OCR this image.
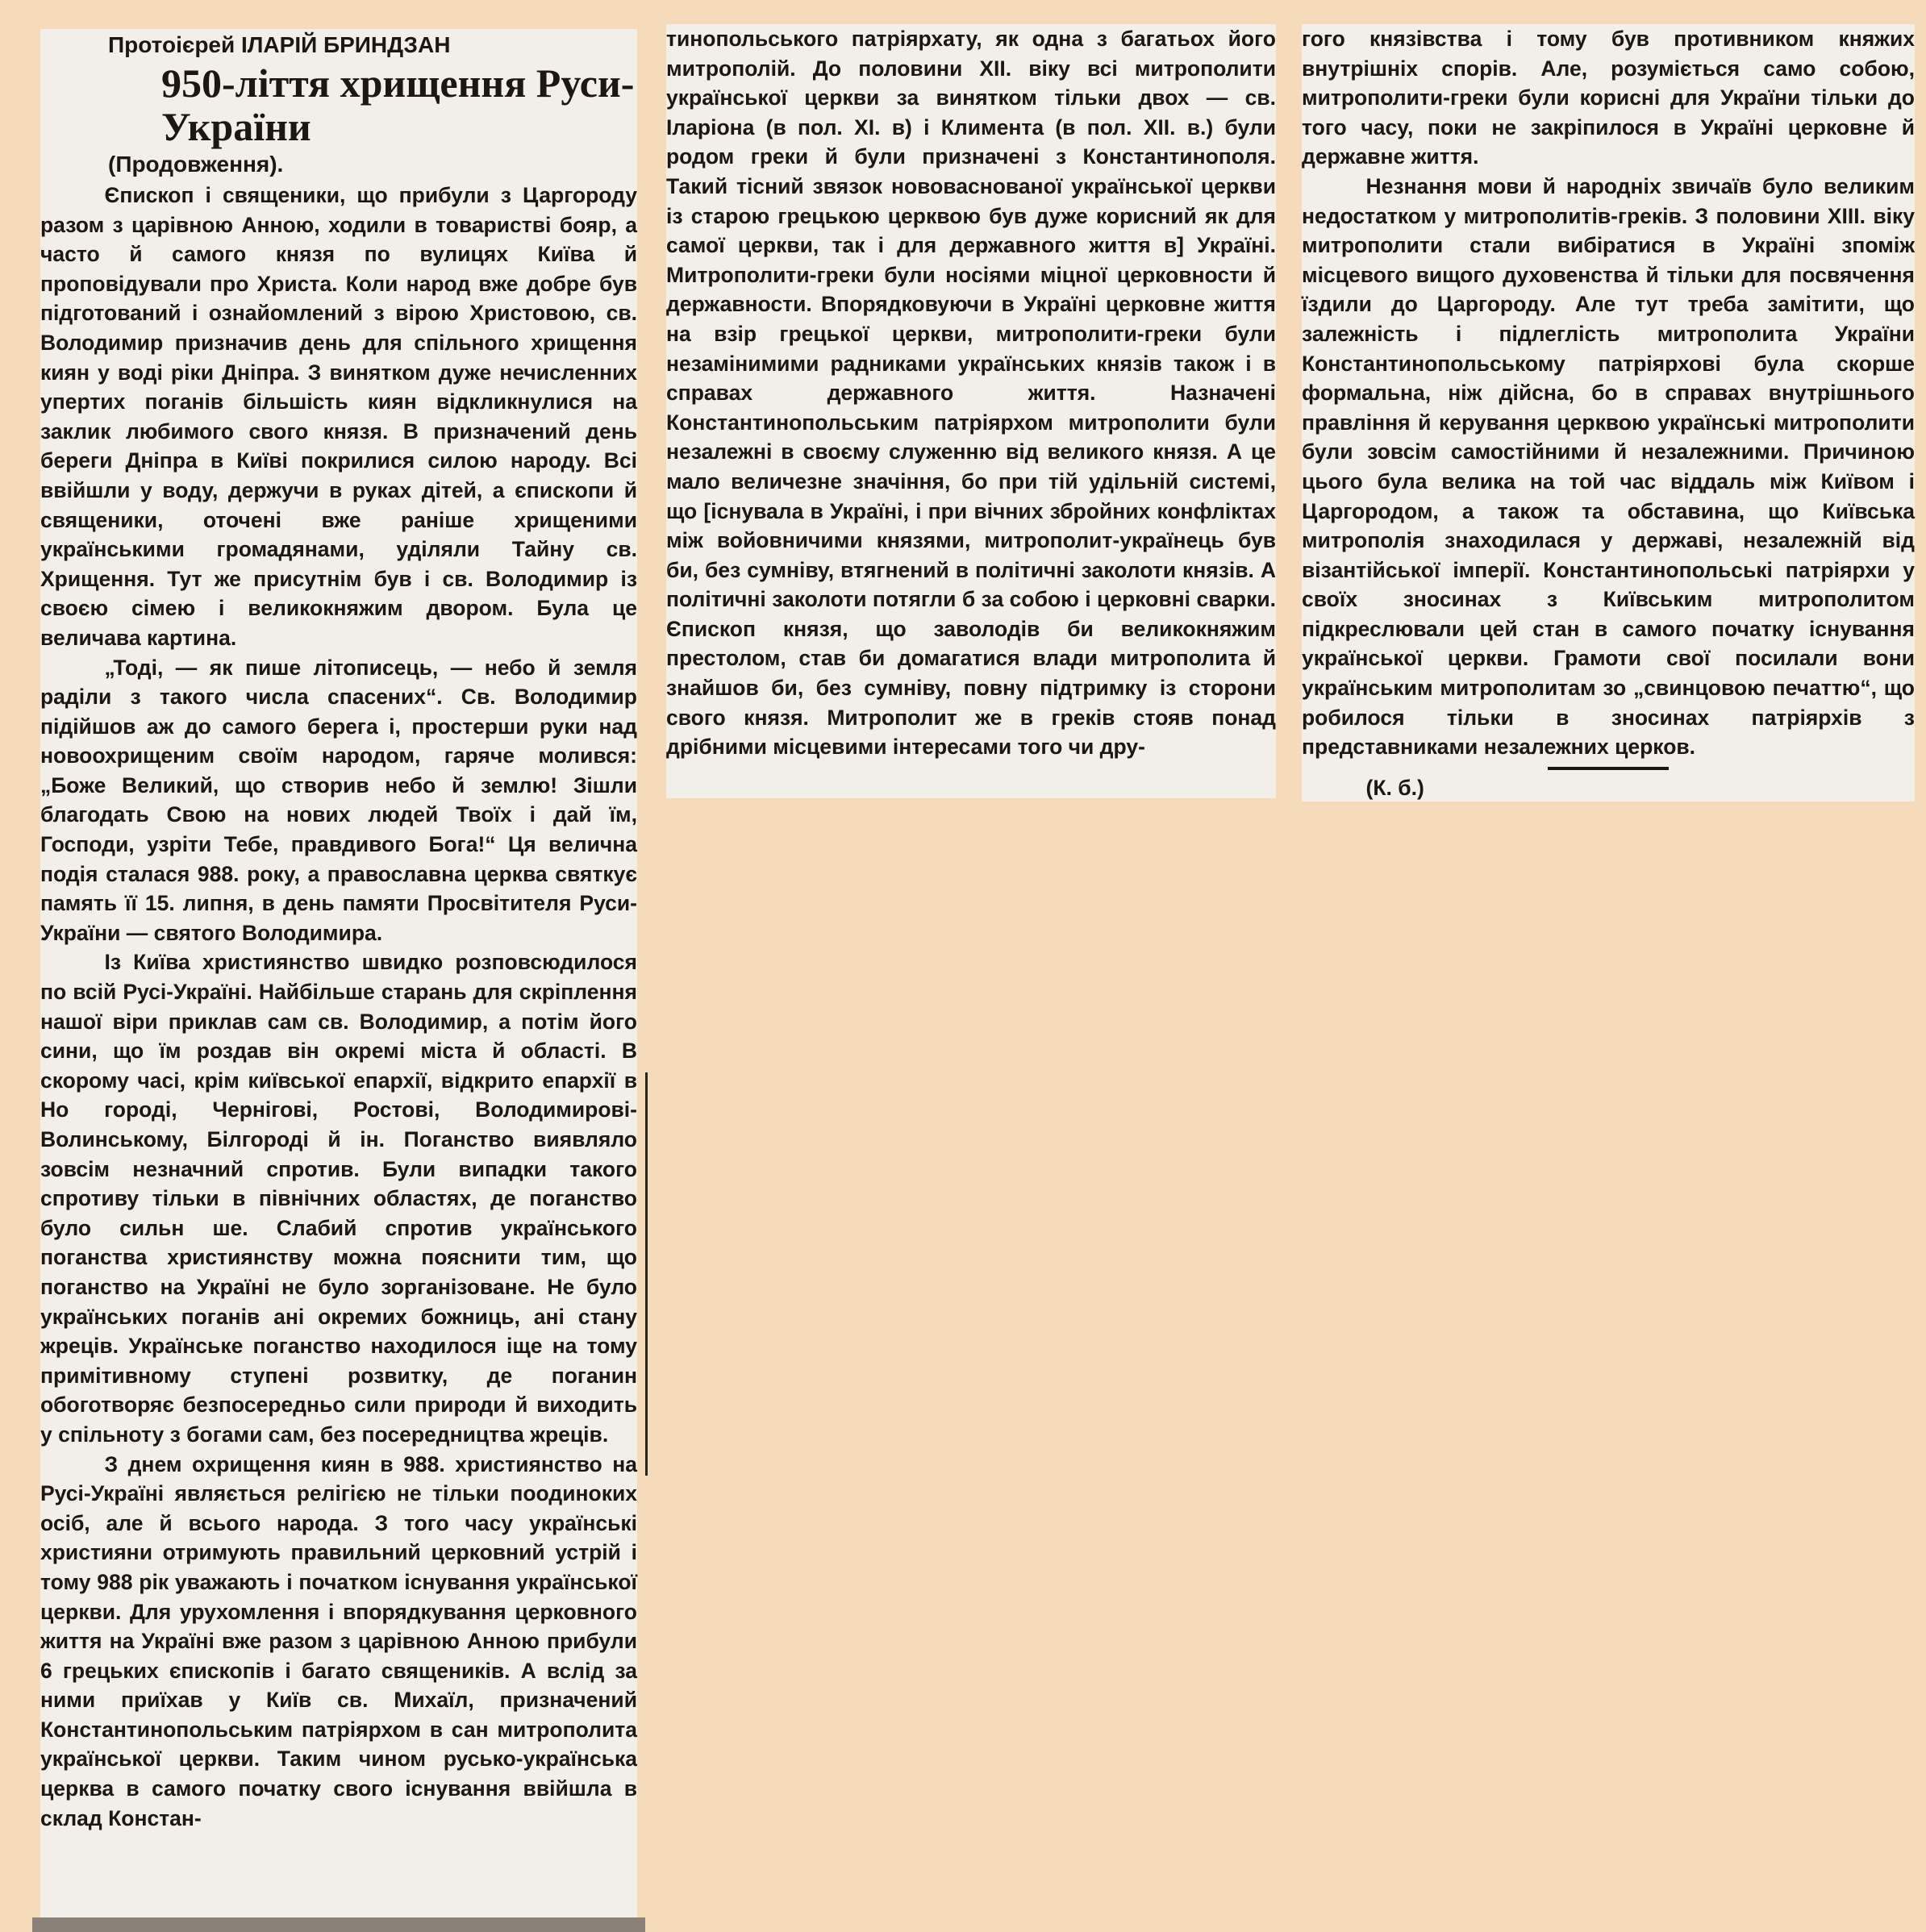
Протоієрей ІЛАРІЙ БРИНДЗАН

950-ліття хрищення Руси-

України

(Продовження).

Єпископ і священики, що прибули з Царгороду разом з царівною Анною, ходили в товаристві бояр, а часто й самого князя по вулицях Київа й проповідували про Христа. Коли народ вже добре був підготований і ознайомлений з вірою Христовою, св. Володимир призначив день для спільного хрищення киян у воді ріки Дніпра. З винятком дуже нечисленних упертих поганів більшість киян відкликнулися на заклик любимого свого князя. В призначений день береги Дніпра в Київі покрилися силою народу. Всі ввійшли у воду, держучи в руках дітей, а єпископи й священики, оточені вже раніше хрищеними українськими громадянами, уділяли Тайну св. Хрищення. Тут же присутнім був і св. Володимир із своєю сімею і великокняжим двором. Була це величава картина.

„Тоді, — як пише літописець, — небо й земля раділи з такого числа спасених“. Св. Володимир підійшов аж до самого берега і, простерши руки над новоохрищеним своїм народом, гаряче молився: „Боже Великий, що створив небо й землю! Зішли благодать Свою на нових людей Твоїх і дай їм, Господи, узріти Тебе, правдивого Бога!“ Ця велична подія сталася 988. року, а православна церква святкує память її 15. липня, в день памяти Просвітителя Руси-України — святого Володимира.

Із Київа християнство швидко розповсюдилося по всій Русі-Україні. Найбільше старань для скріплення нашої віри приклав сам св. Володимир, а потім його сини, що їм роздав він окремі міста й області. В скорому часі, крім київської епархії, відкрито епархії в Но городі, Чернігові, Ростові, Володимирові-Волинському, Білгороді й ін. Поганство виявляло зовсім незначний спротив. Були випадки такого спротиву тільки в північних областях, де поганство було сильн ше. Слабий спротив українського поганства християнству можна пояснити тим, що поганство на Україні не було зорганізоване. Не було українських поганів ані окремих божниць, ані стану жреців. Українське поганство находилося іще на тому примітивному ступені розвитку, де поганин обоготворяє безпосередньо сили природи й виходить у спільноту з богами сам, без посередництва жреців.

З днем охрищення киян в 988. християнство на Русі-Україні являється релігією не тільки поодиноких осіб, але й всього народа. З того часу українські християни отримують правильний церковний устрій і тому 988 рік уважають і початком існування української церкви. Для урухомлення і впорядкування церковного життя на Україні вже разом з царівною Анною прибули 6 грецьких єпископів і багато священиків. А вслід за ними приїхав у Київ св. Михаїл, призначений Константинопольським патріярхом в сан митрополита української церкви. Таким чином русько-українська церква в самого початку свого існування ввійшла в склад Констан-

тинопольського патріярхату, як одна з багатьох його митрополій. До половини XII. віку всі митрополити української церкви за винятком тільки двох — св. Іларіона (в пол. XI. в) і Климента (в пол. XII. в.) були родом греки й були призначені з Константинополя. Такий тісний звязок нововаснованої української церкви із старою грецькою церквою був дуже корисний як для самої церкви, так і для державного життя в] Україні. Митрополити-греки були носіями міцної церковности й державности. Впорядковуючи в Україні церковне життя на взір грецької церкви, митрополити-греки були незамінимими радниками українських князів також і в справах державного життя. Назначені Константинопольським патріярхом митрополити були незалежні в своєму служенню від великого князя. А це мало величезне значіння, бо при тій удільній системі, що [існувала в Україні, і при вічних збройних конфліктах між войовничими князями, митрополит-українець був би, без сумніву, втягнений в політичні заколоти князів. А політичні заколоти потягли б за собою і церковні сварки. Єпископ князя, що заволодів би великокняжим престолом, став би домагатися влади митрополита й знайшов би, без сумніву, повну підтримку із сторони свого князя. Митрополит же в греків стояв понад дрібними місцевими інтересами того чи дру-

гого князівства і тому був противником княжих внутрішніх спорів. Але, розуміється само собою, митрополити-греки були корисні для України тільки до того часу, поки не закріпилося в Україні церковне й державне життя.

Незнання мови й народніх звичаїв було великим недостатком у митрополитів-греків. З половини XIII. віку митрополити стали вибіратися в Україні зпоміж місцевого вищого духовенства й тільки для посвячення їздили до Царгороду. Але тут треба замітити, що залежність і підлеглість митрополита України Константинопольському патріярхові була скорше формальна, ніж дійсна, бо в справах внутрішнього правління й керування церквою українські митрополити були зовсім самостійними й незалежними. Причиною цього була велика на той час віддаль між Київом і Царгородом, а також та обставина, що Київська митрополія знаходилася у державі, незалежній від візантійської імперії. Константинопольські патріярхи у своїх зносинах з Київським митрополитом підкреслювали цей стан в самого початку існування української церкви. Грамоти свої посилали вони українським митрополитам зо „свинцовою печаттю“, що робилося тільки в зносинах патріярхів з представниками незалежних церков.

(К. б.)
